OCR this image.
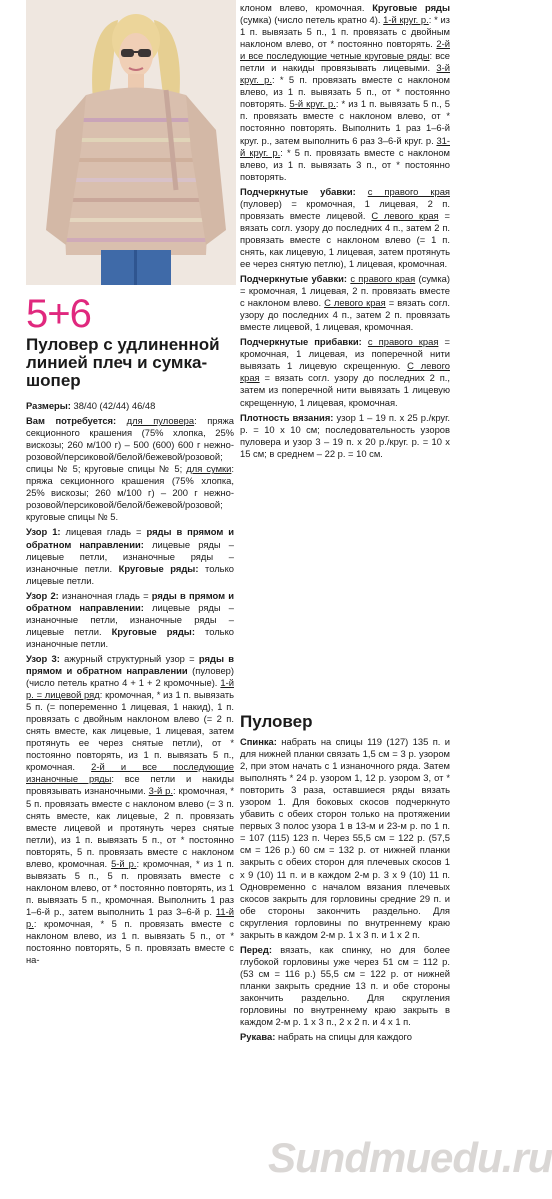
5+6
Пуловер с удлиненной линией плеч и сумка-шопер

Размеры: 38/40 (42/44) 46/48

Вам потребуется: для пуловера: пряжа секционного крашения (75% хлопка, 25% вискозы; 260 м/100 г) – 500 (600) 600 г нежно-розовой/персиковой/белой/бежевой/розовой; спицы № 5; круговые спицы № 5; для сумки: пряжа секционного крашения (75% хлопка, 25% вискозы; 260 м/100 г) – 200 г нежно-розовой/персиковой/белой/бежевой/розовой; круговые спицы № 5.

Узор 1: лицевая гладь = ряды в прямом и обратном направлении: лицевые ряды – лицевые петли, изнаночные ряды – изнаночные петли. Круговые ряды: только лицевые петли.

Узор 2: изнаночная гладь = ряды в прямом и обратном направлении: лицевые ряды – изнаночные петли, изнаночные ряды – лицевые петли. Круговые ряды: только изнаночные петли.

Узор 3: ажурный структурный узор = ряды в прямом и обратном направлении (пуловер) (число петель кратно 4 + 1 + 2 кромочные). 1-й р. = лицевой ряд: кромочная, * из 1 п. вывязать 5 п. (= попеременно 1 лицевая, 1 накид), 1 п. провязать с двойным наклоном влево (= 2 п. снять вместе, как лицевые, 1 лицевая, затем протянуть ее через снятые петли), от * постоянно повторять, из 1 п. вывязать 5 п., кромочная. 2-й и все последующие изнаночные ряды: все петли и накиды провязывать изнаночными. 3-й р.: кромочная, * 5 п. провязать вместе с наклоном влево (= 3 п. снять вместе, как лицевые, 2 п. провязать вместе лицевой и протянуть через снятые петли), из 1 п. вывязать 5 п., от * постоянно повторять, 5 п. провязать вместе с наклоном влево, кромочная. 5-й р.: кромочная, * из 1 п. вывязать 5 п., 5 п. провязать вместе с наклоном влево, от * постоянно повторять, из 1 п. вывязать 5 п., кромочная. Выполнить 1 раз 1–6-й р., затем выполнить 1 раз 3–6-й р. 11-й р.: кромочная, * 5 п. провязать вместе с наклоном влево, из 1 п. вывязать 5 п., от * постоянно повторять, 5 п. провязать вместе с на-

клоном влево, кромочная. Круговые ряды (сумка) (число петель кратно 4). 1-й круг. р.: * из 1 п. вывязать 5 п., 1 п. провязать с двойным наклоном влево, от * постоянно повторять. 2-й и все последующие четные круговые ряды: все петли и накиды провязывать лицевыми. 3-й круг. р.: * 5 п. провязать вместе с наклоном влево, из 1 п. вывязать 5 п., от * постоянно повторять. 5-й круг. р.: * из 1 п. вывязать 5 п., 5 п. провязать вместе с наклоном влево, от * постоянно повторять. Выполнить 1 раз 1–6-й круг. р., затем выполнить 6 раз 3–6-й круг. р. 31-й круг. р.: * 5 п. провязать вместе с наклоном влево, из 1 п. вывязать 3 п., от * постоянно повторять.

Подчеркнутые убавки: с правого края (пуловер) = кромочная, 1 лицевая, 2 п. провязать вместе лицевой. С левого края = вязать согл. узору до последних 4 п., затем 2 п. провязать вместе с наклоном влево (= 1 п. снять, как лицевую, 1 лицевая, затем протянуть ее через снятую петлю), 1 лицевая, кромочная.

Подчеркнутые убавки: с правого края (сумка) = кромочная, 1 лицевая, 2 п. провязать вместе с наклоном влево. С левого края = вязать согл. узору до последних 4 п., затем 2 п. провязать вместе лицевой, 1 лицевая, кромочная.

Подчеркнутые прибавки: с правого края = кромочная, 1 лицевая, из поперечной нити вывязать 1 лицевую скрещенную. С левого края = вязать согл. узору до последних 2 п., затем из поперечной нити вывязать 1 лицевую скрещенную, 1 лицевая, кромочная.

Плотность вязания: узор 1 – 19 п. x 25 р./круг. р. = 10 x 10 см; последовательность узоров пуловера и узор 3 – 19 п. x 20 р./круг. р. = 10 x 15 см; в среднем – 22 р. = 10 см.

Пуловер

Спинка: набрать на спицы 119 (127) 135 п. и для нижней планки связать 1,5 см = 3 р. узором 2, при этом начать с 1 изнаночного ряда. Затем выполнять * 24 р. узором 1, 12 р. узором 3, от * повторить 3 раза, оставшиеся ряды вязать узором 1. Для боковых скосов подчеркнуто убавить с обеих сторон только на протяжении первых 3 полос узора 1 в 13-м и 23-м р. по 1 п. = 107 (115) 123 п. Через 55,5 см = 122 р. (57,5 см = 126 р.) 60 см = 132 р. от нижней планки закрыть с обеих сторон для плечевых скосов 1 x 9 (10) 11 п. и в каждом 2-м р. 3 x 9 (10) 11 п. Одновременно с началом вязания плечевых скосов закрыть для горловины средние 29 п. и обе стороны закончить раздельно. Для скругления горловины по внутреннему краю закрыть в каждом 2-м р. 1 x 3 п. и 1 x 2 п.

Перед: вязать, как спинку, но для более глубокой горловины уже через 51 см = 112 р. (53 см = 116 р.) 55,5 см = 122 р. от нижней планки закрыть средние 13 п. и обе стороны закончить раздельно. Для скругления горловины по внутреннему краю закрыть в каждом 2-м р. 1 x 3 п., 2 x 2 п. и 4 x 1 п.

Рукава: набрать на спицы для каждого

Sundmuedu.ru
